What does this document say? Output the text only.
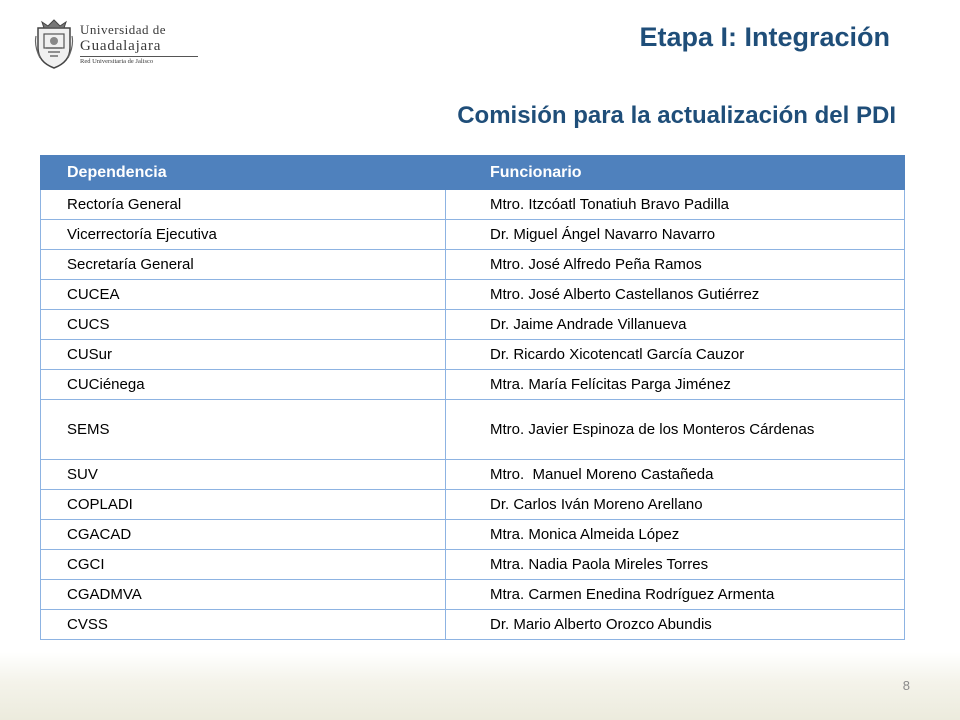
Universidad de
Guadalajara
Red Universitaria de Jalisco
Etapa I: Integración
Comisión para la actualización del PDI
Dependencia	Funcionario
Rectoría General	Mtro. Itzcóatl Tonatiuh Bravo Padilla
Vicerrectoría Ejecutiva	Dr. Miguel Ángel Navarro Navarro
Secretaría General	Mtro. José Alfredo Peña Ramos
CUCEA	Mtro. José Alberto Castellanos Gutiérrez
CUCS	Dr. Jaime Andrade Villanueva
CUSur	Dr. Ricardo Xicotencatl García Cauzor
CUCiénega	Mtra. María Felícitas Parga Jiménez
SEMS	Mtro. Javier Espinoza de los Monteros Cárdenas
SUV	Mtro.  Manuel Moreno Castañeda
COPLADI	Dr. Carlos Iván Moreno Arellano
CGACAD	Mtra. Monica Almeida López
CGCI	Mtra. Nadia Paola Mireles Torres
CGADMVA	Mtra. Carmen Enedina Rodríguez Armenta
CVSS	Dr. Mario Alberto Orozco Abundis
8
